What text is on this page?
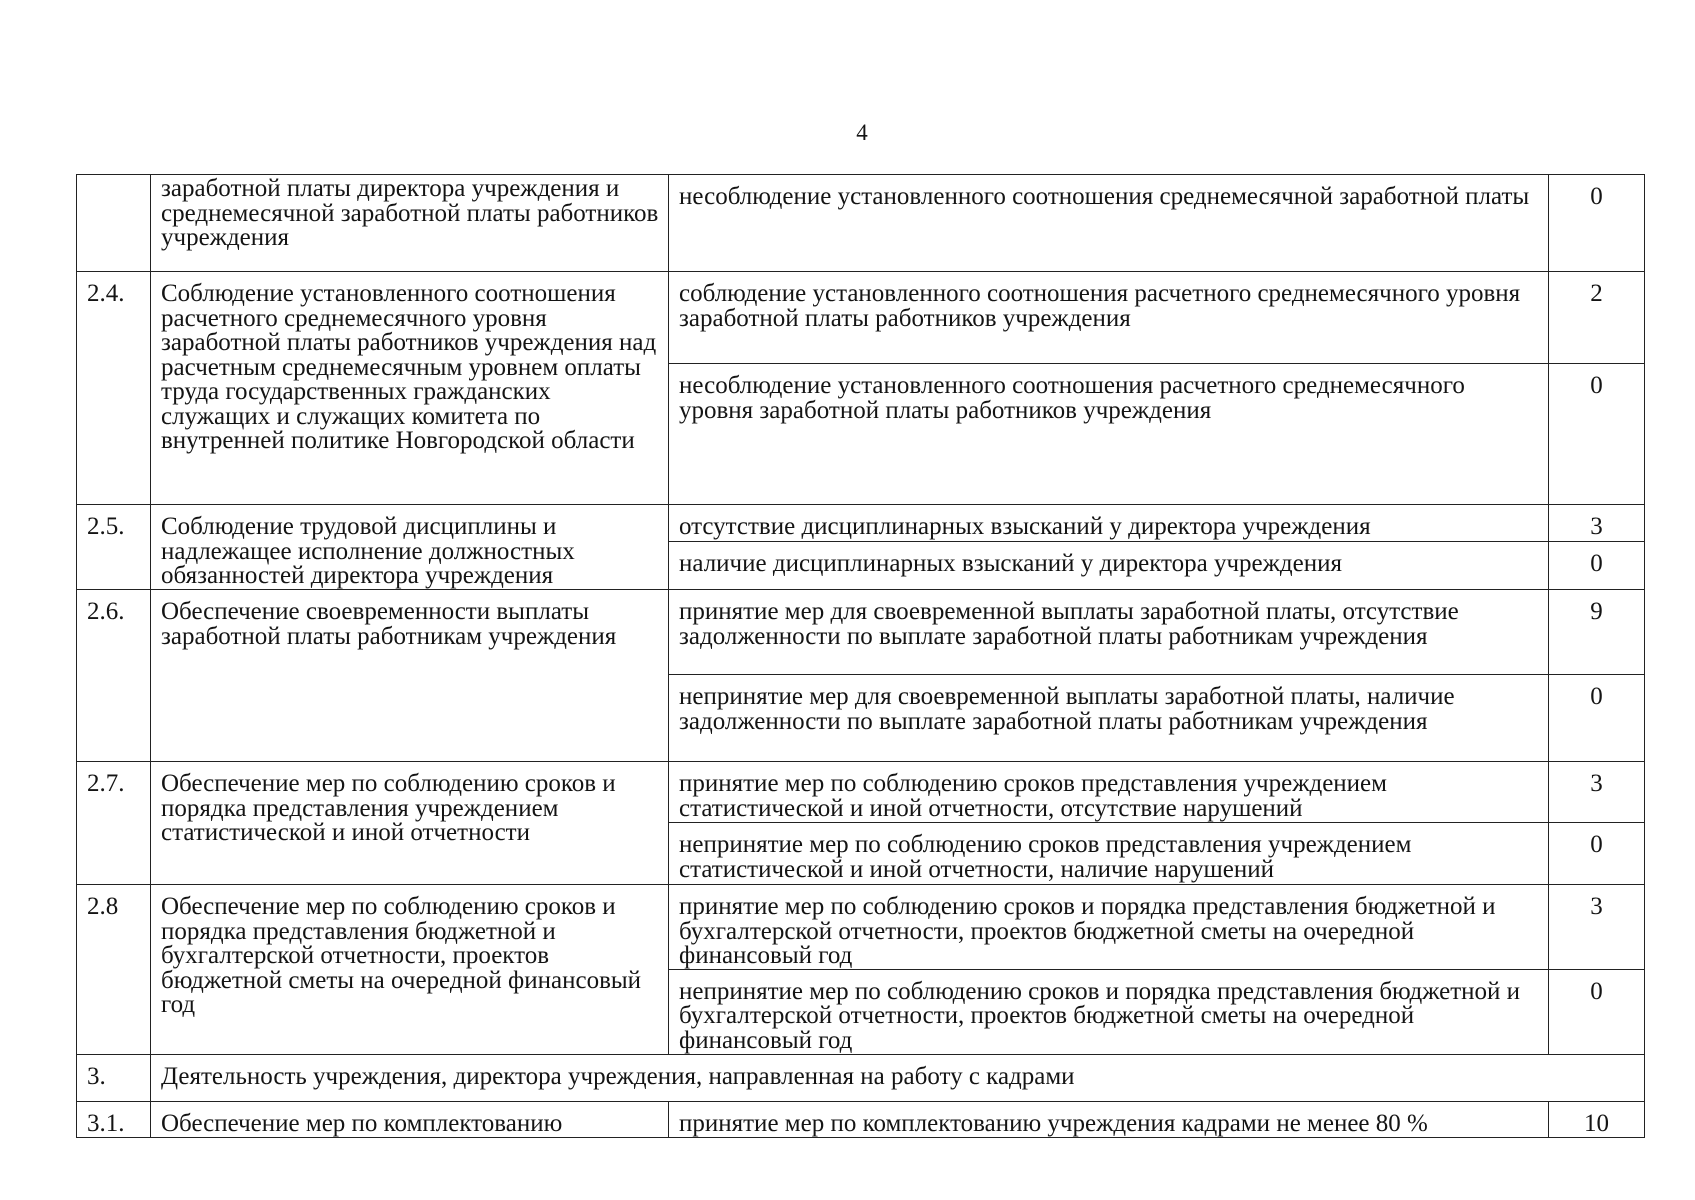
4
	заработной платы директора учреждения и среднемесячной заработной платы работников учреждения	несоблюдение установленного соотношения среднемесячной заработной платы	0
2.4.	Соблюдение установленного соотношения расчетного среднемесячного уровня заработной платы работников учреждения над расчетным среднемесячным уровнем оплаты труда государственных гражданских служащих и служащих комитета по внутренней политике Новгородской области	соблюдение установленного соотношения расчетного среднемесячного уровня заработной платы работников учреждения	2
		несоблюдение установленного соотношения расчетного среднемесячного уровня заработной платы работников учреждения	0
2.5.	Соблюдение трудовой дисциплины и надлежащее исполнение должностных обязанностей директора учреждения	отсутствие дисциплинарных взысканий у директора учреждения	3
		наличие дисциплинарных взысканий у директора учреждения	0
2.6.	Обеспечение своевременности выплаты заработной платы работникам учреждения	принятие мер для своевременной выплаты заработной платы, отсутствие задолженности по выплате заработной платы работникам учреждения	9
		непринятие мер для своевременной выплаты заработной платы, наличие задолженности по выплате заработной платы работникам учреждения	0
2.7.	Обеспечение мер по соблюдению сроков и порядка представления учреждением статистической и иной отчетности	принятие мер по соблюдению сроков представления учреждением статистической и иной отчетности, отсутствие нарушений	3
		непринятие мер по соблюдению сроков представления учреждением статистической и иной отчетности, наличие нарушений	0
2.8	Обеспечение мер по соблюдению сроков и порядка представления бюджетной и бухгалтерской отчетности, проектов бюджетной сметы на очередной финансовый год	принятие мер по соблюдению сроков и порядка представления бюджетной и бухгалтерской отчетности, проектов бюджетной сметы на очередной финансовый год	3
		непринятие мер по соблюдению сроков и порядка представления бюджетной и бухгалтерской отчетности, проектов бюджетной сметы на очередной финансовый год	0
3.	Деятельность учреждения, директора учреждения, направленная на работу с кадрами		
3.1.	Обеспечение мер по комплектованию	принятие мер по комплектованию учреждения кадрами не менее 80 %	10
